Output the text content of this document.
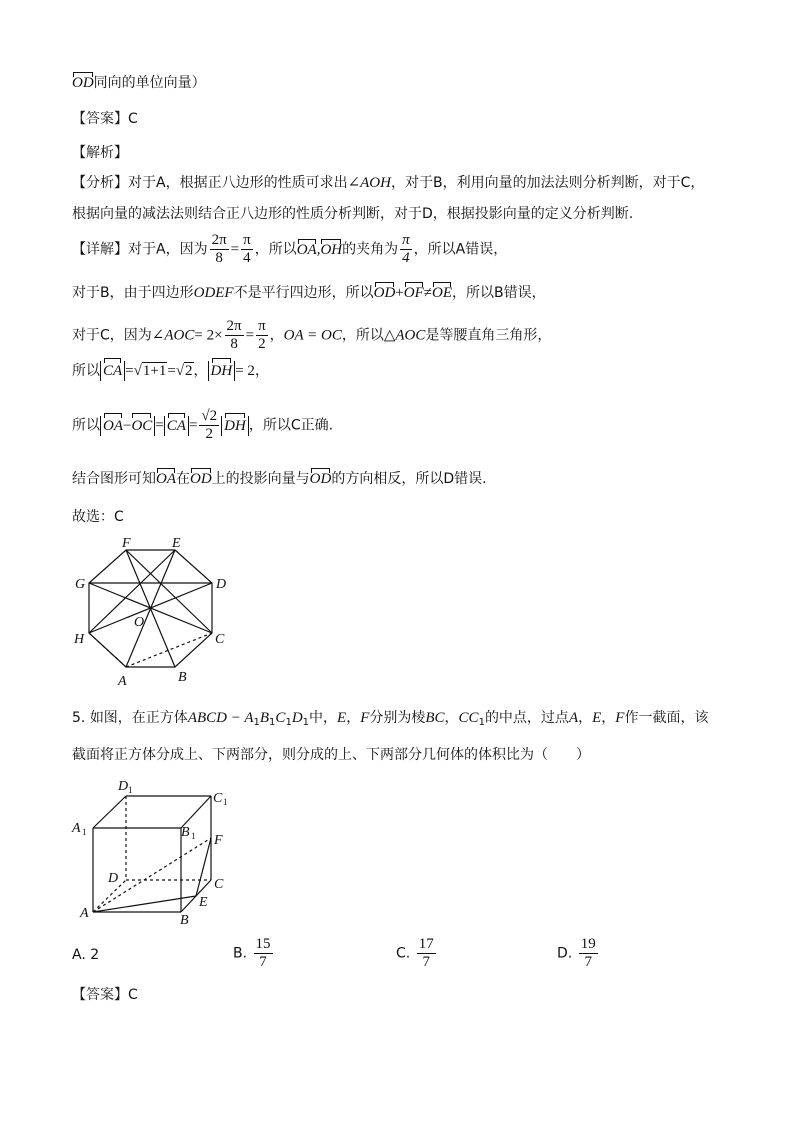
OD同向的单位向量）
【答案】C
【解析】
【分析】对于A，根据正八边形的性质可求出∠AOH，对于B，利用向量的加法法则分析判断，对于C，
根据向量的减法法则结合正八边形的性质分析判断，对于D，根据投影向量的定义分析判断.
【详解】对于A，因为 $\frac{2\pi}{8} = \frac{\pi}{4}$ ，所以OA,OH的夹角为 $\frac{\pi}{4}$ ，所以A错误，
对于B，由于四边形ODEF不是平行四边形，所以OD+OF≠OE，所以B错误，
对于C，因为∠AOC= $2\times \frac{2\pi}{8} = \frac{\pi}{2}$ ，OA = OC，所以△AOC是等腰直角三角形，
所以 CA =√1+1=√2， DH = 2，
所以 OA−OC = CA = $\frac{√2}{2}$ DH ，所以C正确.
结合图形可知OA在OD上的投影向量与OD的方向相反，所以D错误.
故选：C
F	E
G	D
O
H	C
A	B
5. 如图，在正方体ABCD − $A_1B_1C_1D_1$中，E，F分别为棱BC，$CC_1$的中点，过点A，E，F作一截面，该
截面将正方体分成上、下两部分，则分成的上、下两部分几何体的体积比为（　　）
D 1
C 1
A 1	B 1 F
D	C
E
A	B
A. 2	B. $\frac{15}{7}$	C. $\frac{17}{7}$	D. $\frac{19}{7}$
【答案】C
